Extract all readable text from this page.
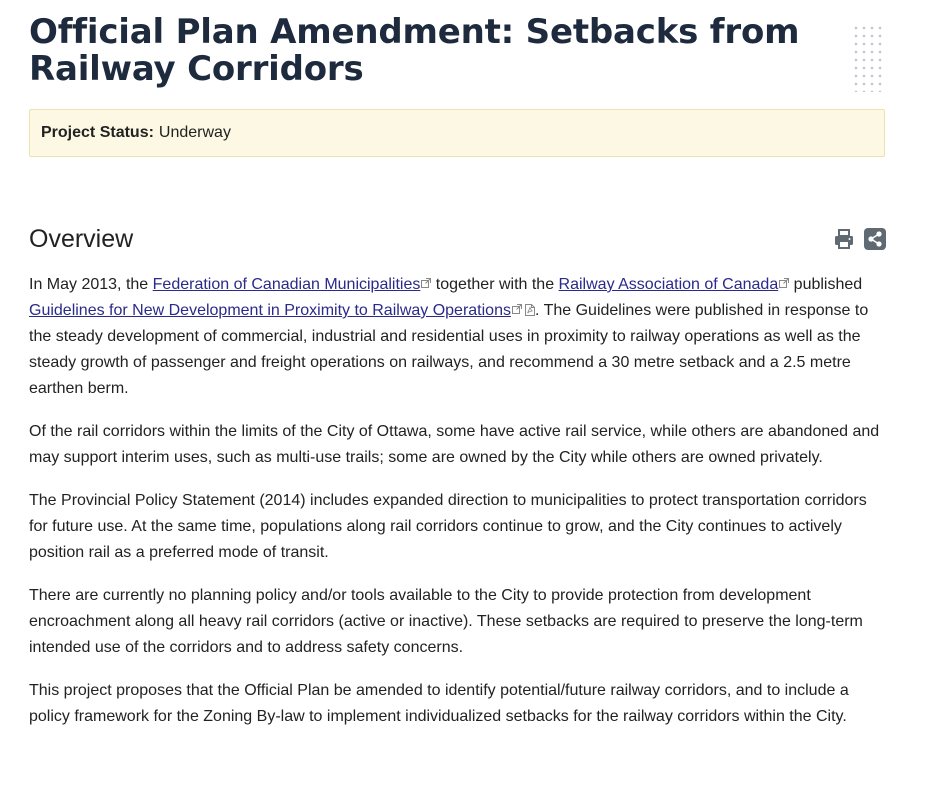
Official Plan Amendment: Setbacks from Railway Corridors
Project Status: Underway
Overview

In May 2013, the Federation of Canadian Municipalities together with the Railway Association of Canada published Guidelines for New Development in Proximity to Railway Operations . The Guidelines were published in response to the steady development of commercial, industrial and residential uses in proximity to railway operations as well as the steady growth of passenger and freight operations on railways, and recommend a 30 metre setback and a 2.5 metre earthen berm.

Of the rail corridors within the limits of the City of Ottawa, some have active rail service, while others are abandoned and may support interim uses, such as multi-use trails; some are owned by the City while others are owned privately.

The Provincial Policy Statement (2014) includes expanded direction to municipalities to protect transportation corridors for future use. At the same time, populations along rail corridors continue to grow, and the City continues to actively position rail as a preferred mode of transit.

There are currently no planning policy and/or tools available to the City to provide protection from development encroachment along all heavy rail corridors (active or inactive). These setbacks are required to preserve the long-term intended use of the corridors and to address safety concerns.

This project proposes that the Official Plan be amended to identify potential/future railway corridors, and to include a policy framework for the Zoning By-law to implement individualized setbacks for the railway corridors within the City.
